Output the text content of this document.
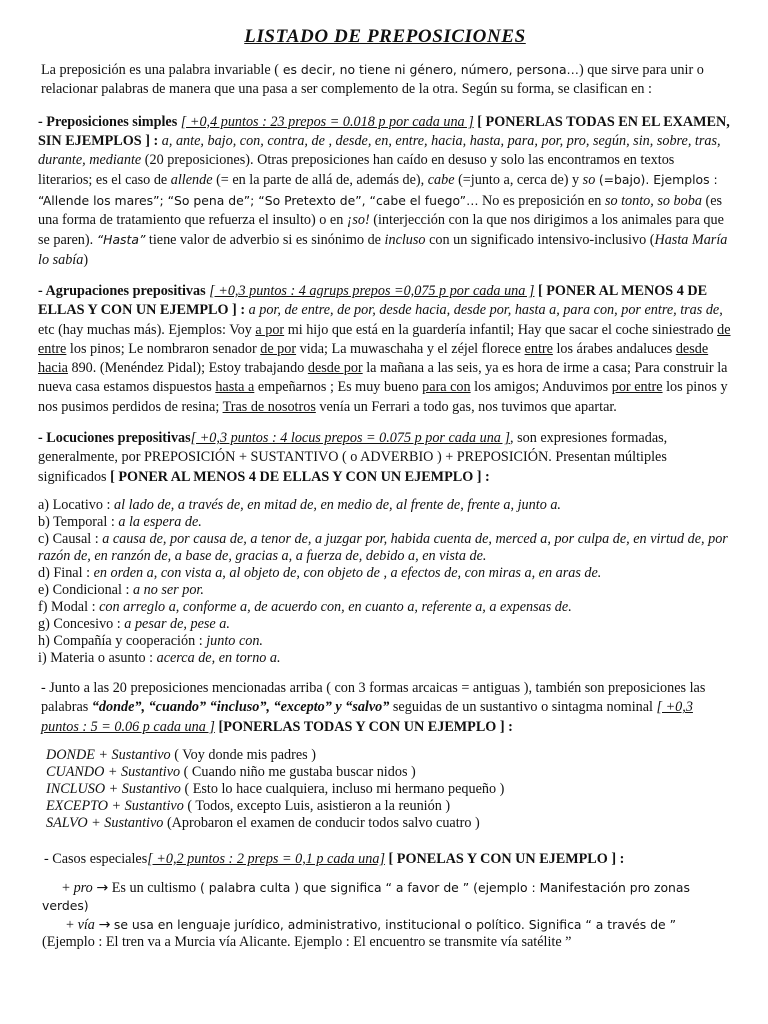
LISTADO DE PREPOSICIONES

La preposición es una palabra invariable ( es decir, no tiene ni género, número, persona…) que sirve para unir o relacionar palabras de manera que una pasa a ser complemento de la otra. Según su forma, se clasifican en :

- Preposiciones simples [ +0,4 puntos : 23 prepos = 0.018 p por cada una ] [ PONERLAS TODAS EN EL EXAMEN, SIN EJEMPLOS ] : a, ante, bajo, con, contra, de , desde, en, entre, hacia, hasta, para, por, pro, según, sin, sobre, tras, durante, mediante (20 preposiciones). Otras preposiciones han caído en desuso y solo las encontramos en textos literarios; es el caso de allende (= en la parte de allá de, además de), cabe (=junto a, cerca de) y so (=bajo). Ejemplos : “Allende los mares”; “So pena de”; “So Pretexto de”, “cabe el fuego”… No es preposición en so tonto, so boba (es una forma de tratamiento que refuerza el insulto) o en ¡so! (interjección con la que nos dirigimos a los animales para que se paren). “Hasta” tiene valor de adverbio si es sinónimo de incluso con un significado intensivo-inclusivo (Hasta María lo sabía)

- Agrupaciones prepositivas [ +0,3 puntos : 4 agrups prepos =0,075 p por cada una ] [ PONER AL MENOS 4 DE ELLAS Y CON UN EJEMPLO ] : a por, de entre, de por, desde hacia, desde por, hasta a, para con, por entre, tras de, etc (hay muchas más). Ejemplos: Voy a por mi hijo que está en la guardería infantil; Hay que sacar el coche siniestrado de entre los pinos; Le nombraron senador de por vida; La muwaschaha y el zéjel florece entre los árabes andaluces desde hacia 890. (Menéndez Pidal); Estoy trabajando desde por la mañana a las seis, ya es hora de irme a casa; Para construir la nueva casa estamos dispuestos hasta a empeñarnos ; Es muy bueno para con los amigos; Anduvimos por entre los pinos y nos pusimos perdidos de resina; Tras de nosotros venía un Ferrari a todo gas, nos tuvimos que apartar.

- Locuciones prepositivas[ +0,3 puntos : 4 locus prepos = 0.075 p por cada una ], son expresiones formadas, generalmente, por PREPOSICIÓN + SUSTANTIVO ( o ADVERBIO ) + PREPOSICIÓN. Presentan múltiples significados [ PONER AL MENOS 4 DE ELLAS Y CON UN EJEMPLO ] :

a) Locativo : al lado de, a través de, en mitad de, en medio de, al frente de, frente a, junto a.
b) Temporal : a la espera de.
c) Causal : a causa de, por causa de, a tenor de, a juzgar por, habida cuenta de, merced a, por culpa de, en virtud de, por razón de, en ranzón de, a base de, gracias a, a fuerza de, debido a, en vista de.
d) Final : en orden a, con vista a, al objeto de, con objeto de , a efectos de, con miras a, en aras de.
e) Condicional : a no ser por.
f) Modal : con arreglo a, conforme a, de acuerdo con, en cuanto a, referente a, a expensas de.
g) Concesivo : a pesar de, pese a.
h) Compañía y cooperación : junto con.
i) Materia o asunto : acerca de, en torno a.

- Junto a las 20 preposiciones mencionadas arriba ( con 3 formas arcaicas = antiguas ), también son preposiciones las palabras “donde”, “cuando” “incluso”, “excepto” y “salvo” seguidas de un sustantivo o sintagma nominal [ +0,3 puntos : 5 = 0.06 p cada una ] [PONERLAS TODAS Y CON UN EJEMPLO ] :

DONDE + Sustantivo ( Voy donde mis padres )
CUANDO + Sustantivo ( Cuando niño me gustaba buscar nidos )
INCLUSO + Sustantivo ( Esto lo hace cualquiera, incluso mi hermano pequeño )
EXCEPTO + Sustantivo ( Todos, excepto Luis, asistieron a la reunión )
SALVO + Sustantivo (Aprobaron el examen de conducir todos salvo cuatro )

- Casos especiales[ +0,2 puntos : 2 preps = 0,1 p cada una] [ PONELAS Y CON UN EJEMPLO ] :

+ pro → Es un cultismo ( palabra culta ) que significa “ a favor de ” (ejemplo : Manifestación pro zonas verdes)

+ vía → se usa en lenguaje jurídico, administrativo, institucional o político. Significa “ a través de ”
(Ejemplo : El tren va a Murcia vía Alicante. Ejemplo : El encuentro se transmite vía satélite ”
